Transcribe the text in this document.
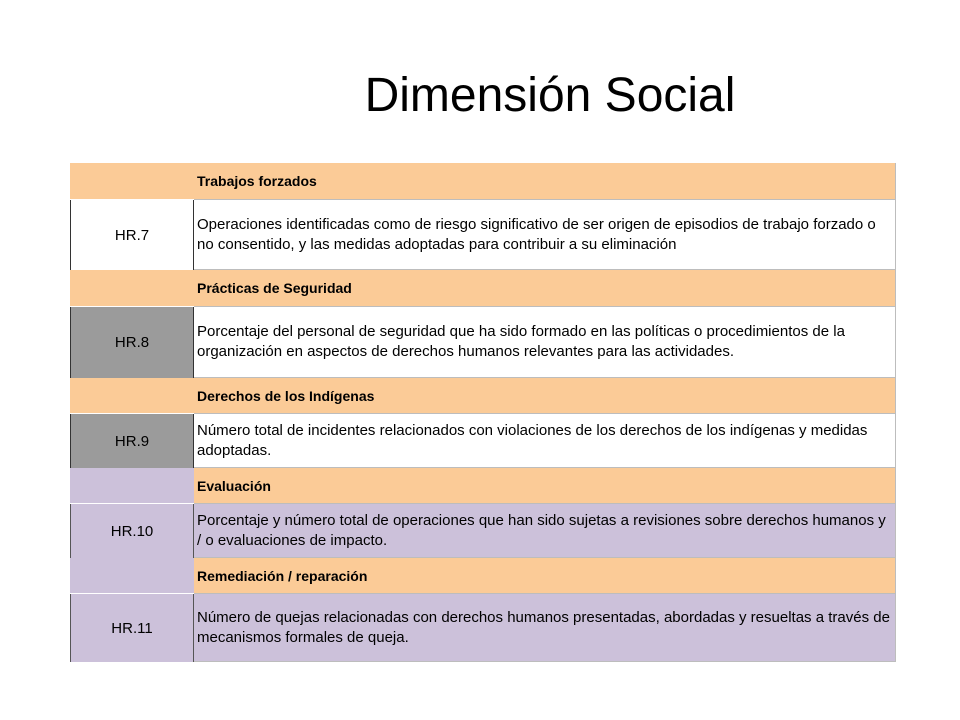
Dimensión Social
Trabajos forzados
HR.7
Operaciones identificadas como de riesgo significativo de ser origen de episodios de trabajo forzado o no consentido, y las medidas adoptadas para contribuir a su eliminación
Prácticas de Seguridad
HR.8
Porcentaje del personal de seguridad que ha sido formado en las políticas o procedimientos de la organización en aspectos de derechos humanos relevantes para las actividades.
Derechos de los Indígenas
HR.9
Número total de incidentes relacionados con violaciones de los derechos de los indígenas y medidas adoptadas.
Evaluación
HR.10
Porcentaje y número total de operaciones que han sido sujetas a revisiones sobre derechos humanos y / o evaluaciones de impacto.
Remediación / reparación
HR.11
Número de quejas relacionadas con derechos humanos presentadas, abordadas y resueltas a través de mecanismos formales de queja.
